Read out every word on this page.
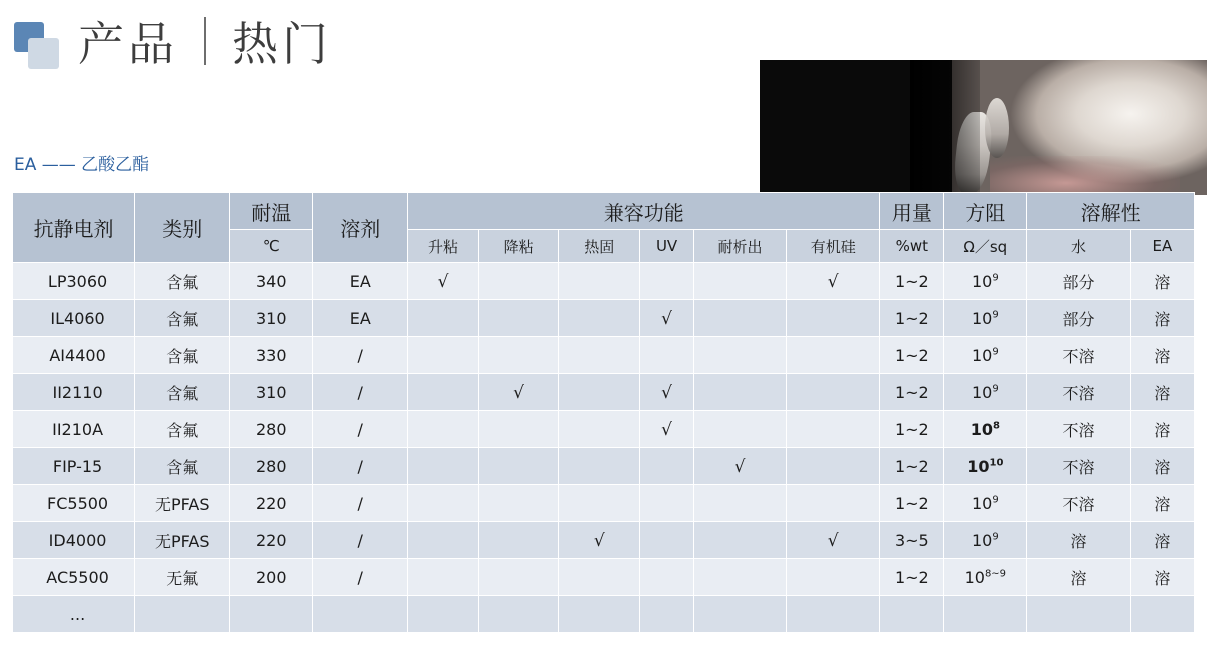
产品 热门
EA —— 乙酸乙酯
抗静电剂	类别	耐温	溶剂	兼容功能						用量	方阻	溶解性	
		℃		升粘	降粘	热固	UV	耐析出	有机硅	%wt	Ω／sq	水	EA
LP3060	含氟	340	EA	√					√	1~2	$10^9$	部分	溶
IL4060	含氟	310	EA				√			1~2	$10^9$	部分	溶
AI4400	含氟	330	/							1~2	$10^9$	不溶	溶
II2110	含氟	310	/		√		√			1~2	$10^9$	不溶	溶
II210A	含氟	280	/				√			1~2	$10^8$	不溶	溶
FIP-15	含氟	280	/					√		1~2	$10^{10}$	不溶	溶
FC5500	无PFAS	220	/							1~2	$10^9$	不溶	溶
ID4000	无PFAS	220	/			√			√	3~5	$10^9$	溶	溶
AC5500	无氟	200	/							1~2	$10^{8\sim 9}$	溶	溶
...													
